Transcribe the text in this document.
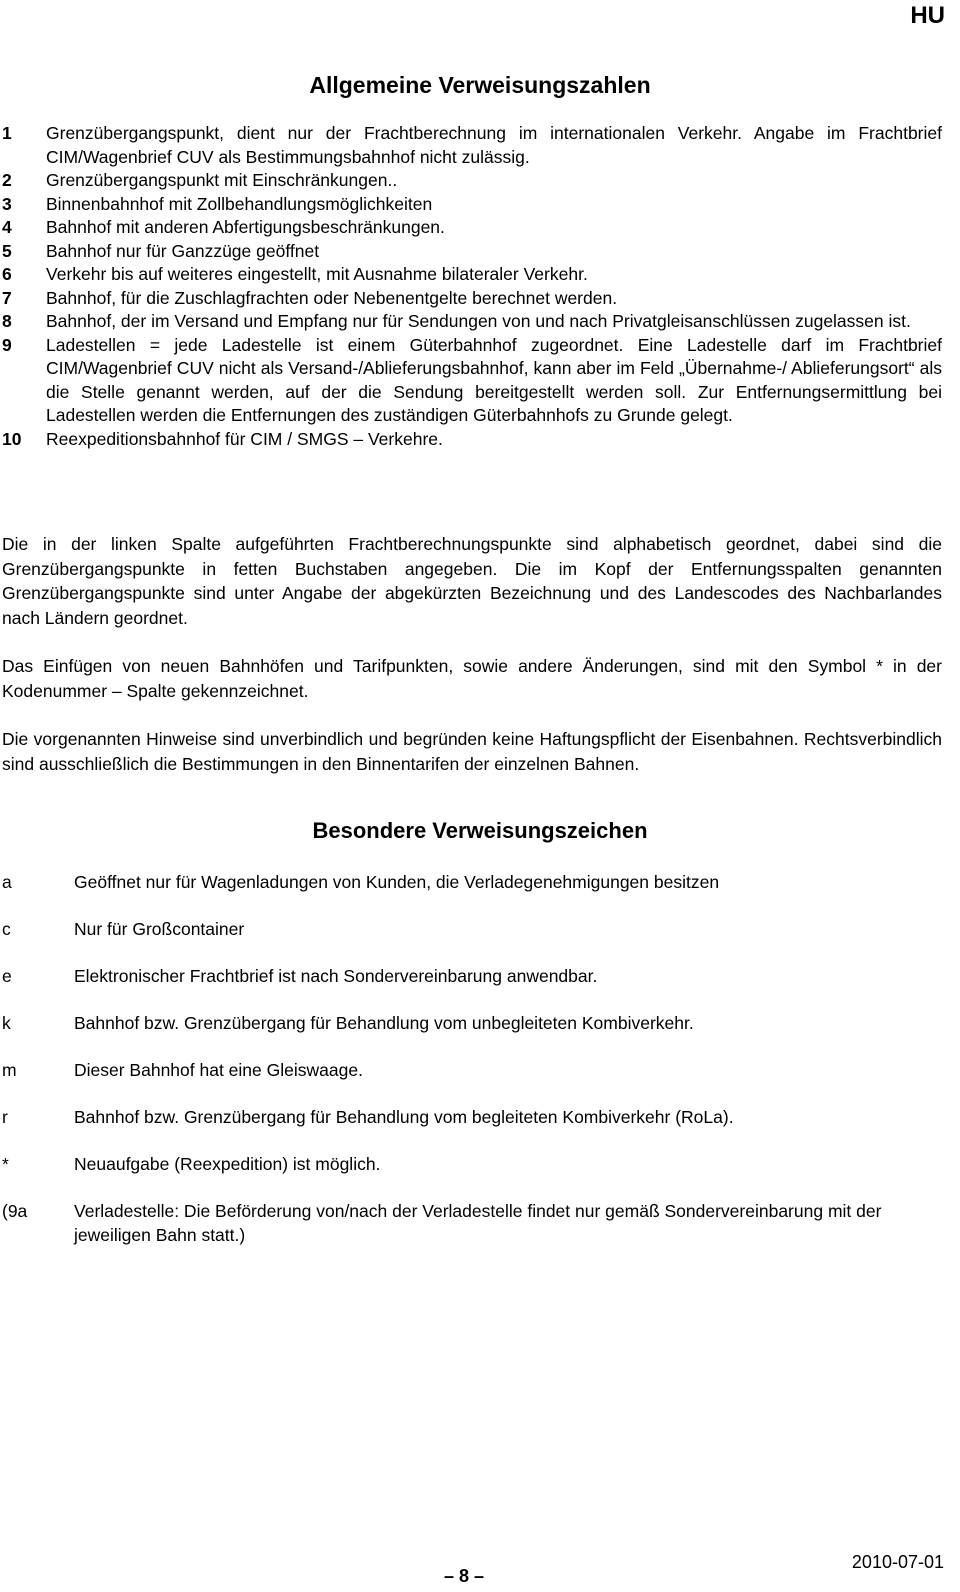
HU
Allgemeine Verweisungszahlen
1	Grenzübergangspunkt, dient nur der Frachtberechnung im internationalen Verkehr. Angabe im Frachtbrief CIM/Wagenbrief CUV als Bestimmungsbahnhof nicht zulässig.
2	Grenzübergangspunkt mit Einschränkungen..
3	Binnenbahnhof mit Zollbehandlungsmöglichkeiten
4	Bahnhof mit anderen Abfertigungsbeschränkungen.
5	Bahnhof nur für Ganzzüge geöffnet
6	Verkehr bis auf weiteres eingestellt, mit Ausnahme bilateraler Verkehr.
7	Bahnhof, für die Zuschlagfrachten oder Nebenentgelte berechnet werden.
8	Bahnhof, der im Versand und Empfang nur für Sendungen von und nach Privatgleisanschlüssen zugelassen ist.
9	Ladestellen = jede Ladestelle ist einem Güterbahnhof zugeordnet. Eine Ladestelle darf im Frachtbrief CIM/Wagenbrief CUV nicht als Versand-/Ablieferungsbahnhof, kann aber im Feld „Übernahme-/ Ablieferungsort“ als die Stelle genannt werden, auf der die Sendung bereitgestellt werden soll. Zur Entfernungsermittlung bei Ladestellen werden die Entfernungen des zuständigen Güterbahnhofs zu Grunde gelegt.
10	Reexpeditionsbahnhof für CIM / SMGS – Verkehre.

Die in der linken Spalte aufgeführten Frachtberechnungspunkte sind alphabetisch geordnet, dabei sind die Grenzübergangspunkte in fetten Buchstaben angegeben. Die im Kopf der Entfernungsspalten genannten Grenzübergangspunkte sind unter Angabe der abgekürzten Bezeichnung und des Landescodes des Nachbarlandes nach Ländern geordnet.

Das Einfügen von neuen Bahnhöfen und Tarifpunkten, sowie andere Änderungen, sind mit den Symbol * in der Kodenummer – Spalte gekennzeichnet.

Die vorgenannten Hinweise sind unverbindlich und begründen keine Haftungspflicht der Eisenbahnen. Rechtsverbindlich sind ausschließlich die Bestimmungen in den Binnentarifen der einzelnen Bahnen.

Besondere Verweisungszeichen
a	Geöffnet nur für Wagenladungen von Kunden, die Verladegenehmigungen besitzen
c	Nur für Großcontainer
e	Elektronischer Frachtbrief ist nach Sondervereinbarung anwendbar.
k	Bahnhof bzw. Grenzübergang für Behandlung vom unbegleiteten Kombiverkehr.
m	Dieser Bahnhof hat eine Gleiswaage.
r	Bahnhof bzw. Grenzübergang für Behandlung vom begleiteten Kombiverkehr (RoLa).
*	Neuaufgabe (Reexpedition) ist möglich.
(9a	Verladestelle: Die Beförderung von/nach der Verladestelle findet nur gemäß Sondervereinbarung mit der jeweiligen Bahn statt.)
2010-07-01
– 8 –
